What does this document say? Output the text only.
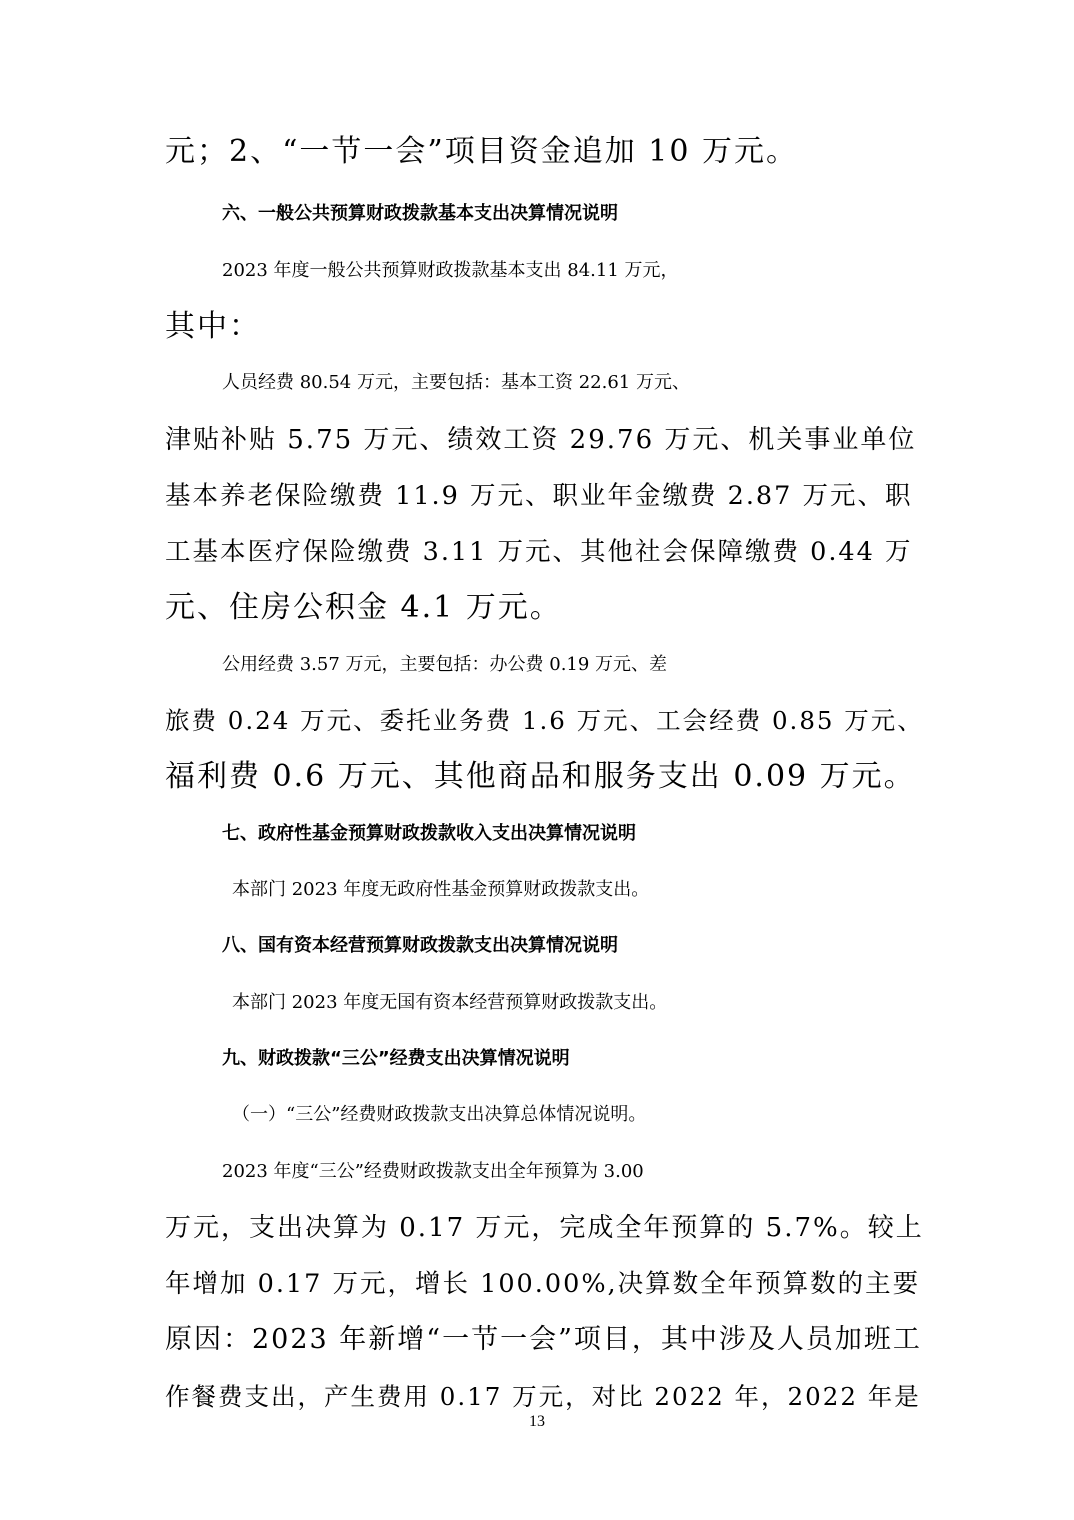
元；2、“一节一会”项目资金追加 10 万元。
六、一般公共预算财政拨款基本支出决算情况说明
2023 年度一般公共预算财政拨款基本支出 84.11 万元，
其中：
人员经费 80.54 万元，主要包括：基本工资 22.61 万元、
津贴补贴 5.75 万元、绩效工资 29.76 万元、机关事业单位
基本养老保险缴费 11.9 万元、职业年金缴费 2.87 万元、职
工基本医疗保险缴费 3.11 万元、其他社会保障缴费 0.44 万
元、住房公积金 4.1 万元。
公用经费 3.57 万元，主要包括：办公费 0.19 万元、差
旅费 0.24 万元、委托业务费 1.6 万元、工会经费 0.85 万元、
福利费 0.6 万元、其他商品和服务支出 0.09 万元。
七、政府性基金预算财政拨款收入支出决算情况说明
本部门 2023 年度无政府性基金预算财政拨款支出。
八、国有资本经营预算财政拨款支出决算情况说明
本部门 2023 年度无国有资本经营预算财政拨款支出。
九、财政拨款“三公”经费支出决算情况说明
（一）“三公”经费财政拨款支出决算总体情况说明。
2023 年度“三公”经费财政拨款支出全年预算为 3.00
万元，支出决算为 0.17 万元，完成全年预算的 5.7%。较上
年增加 0.17 万元，增长 100.00%,决算数全年预算数的主要
原因：2023 年新增“一节一会”项目，其中涉及人员加班工
作餐费支出，产生费用 0.17 万元，对比 2022 年，2022 年是
13
